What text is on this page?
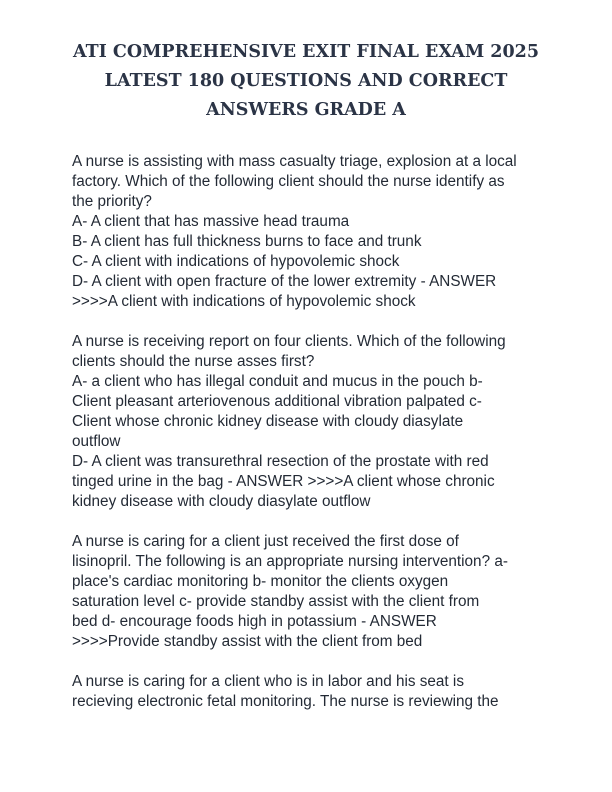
ATI COMPREHENSIVE EXIT FINAL EXAM 2025
LATEST 180 QUESTIONS AND CORRECT
ANSWERS GRADE A
A nurse is assisting with mass casualty triage, explosion at a local
factory. Which of the following client should the nurse identify as
the priority?
A- A client that has massive head trauma
B- A client has full thickness burns to face and trunk
C- A client with indications of hypovolemic shock
D- A client with open fracture of the lower extremity - ANSWER
>>>>A client with indications of hypovolemic shock
A nurse is receiving report on four clients. Which of the following
clients should the nurse asses first?
A- a client who has illegal conduit and mucus in the pouch b-
Client pleasant arteriovenous additional vibration palpated c-
Client whose chronic kidney disease with cloudy diasylate
outflow
D- A client was transurethral resection of the prostate with red
tinged urine in the bag - ANSWER >>>>A client whose chronic
kidney disease with cloudy diasylate outflow
A nurse is caring for a client just received the first dose of
lisinopril. The following is an appropriate nursing intervention? a-
place's cardiac monitoring b- monitor the clients oxygen
saturation level c- provide standby assist with the client from
bed d- encourage foods high in potassium - ANSWER
>>>>Provide standby assist with the client from bed
A nurse is caring for a client who is in labor and his seat is
recieving electronic fetal monitoring. The nurse is reviewing the
